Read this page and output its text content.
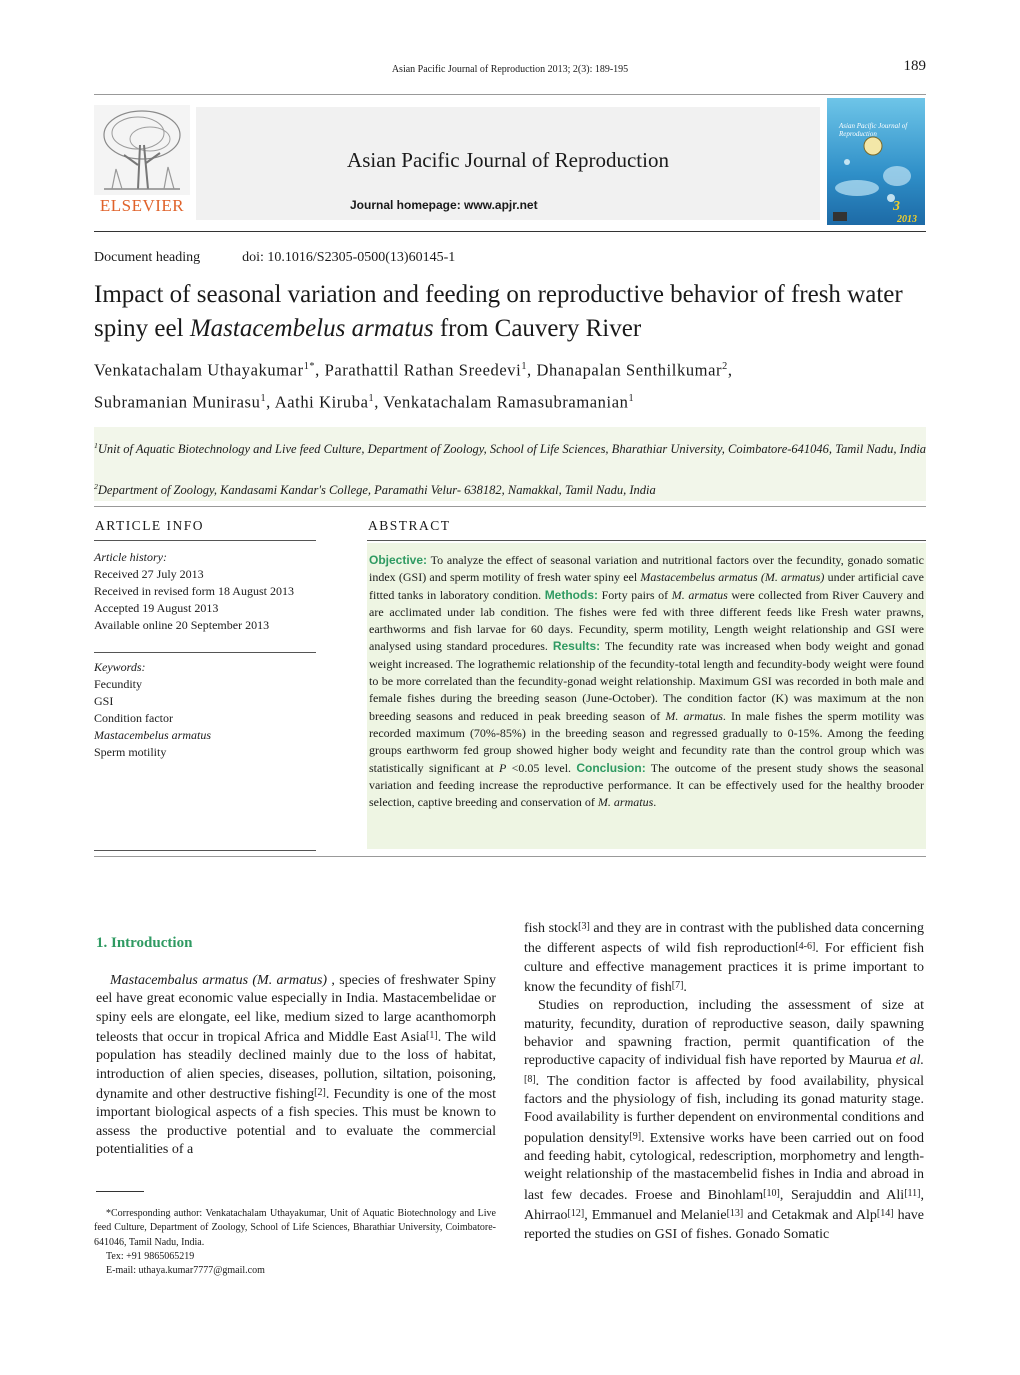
Asian Pacific Journal of Reproduction 2013; 2(3): 189-195	189
ELSEVIER
Asian Pacific Journal of Reproduction
Journal homepage: www.apjr.net	3
2013
Asian Pacific Journal of Reproduction
Document heading	doi: 10.1016/S2305-0500(13)60145-1
Impact of seasonal variation and feeding on reproductive behavior of fresh water spiny eel Mastacembelus armatus from Cauvery River
Venkatachalam Uthayakumar$^{1*}$, Parathattil Rathan Sreedevi$^1$, Dhanapalan Senthilkumar$^2$,
Subramanian Munirasu$^1$, Aathi Kiruba$^1$, Venkatachalam Ramasubramanian$^1$
$^1$Unit of Aquatic Biotechnology and Live feed Culture, Department of Zoology, School of Life Sciences, Bharathiar University, Coimbatore-641046, Tamil Nadu, India
$^2$Department of Zoology, Kandasami Kandar's College, Paramathi Velur- 638182, Namakkal, Tamil Nadu, India
ARTICLE INFO
Article history:
Received 27 July 2013
Received in revised form 18 August 2013
Accepted 19 August 2013
Available online 20 September 2013
Keywords:
Fecundity
GSI
Condition factor
Mastacembelus armatus
Sperm motility
ABSTRACT
Objective: To analyze the effect of seasonal variation and nutritional factors over the fecundity, gonado somatic index (GSI) and sperm motility of fresh water spiny eel Mastacembelus armatus (M. armatus) under artificial cave fitted tanks in laboratory condition. Methods: Forty pairs of M. armatus were collected from River Cauvery and are acclimated under lab condition. The fishes were fed with three different feeds like Fresh water prawns, earthworms and fish larvae for 60 days. Fecundity, sperm motility, Length weight relationship and GSI were analysed using standard procedures. Results: The fecundity rate was increased when body weight and gonad weight increased. The lograthemic relationship of the fecundity-total length and fecundity-body weight were found to be more correlated than the fecundity-gonad weight relationship. Maximum GSI was recorded in both male and female fishes during the breeding season (June-October). The condition factor (K) was maximum at the non breeding seasons and reduced in peak breeding season of M. armatus. In male fishes the sperm motility was recorded maximum (70%-85%) in the breeding season and regressed gradually to 0-15%. Among the feeding groups earthworm fed group showed higher body weight and fecundity rate than the control group which was statistically significant at P <0.05 level. Conclusion: The outcome of the present study shows the seasonal variation and feeding increase the reproductive performance. It can be effectively used for the healthy brooder selection, captive breeding and conservation of M. armatus.
1. Introduction
Mastacembalus armatus (M. armatus) , species of freshwater Spiny eel have great economic value especially in India. Mastacembelidae or spiny eels are elongate, eel like, medium sized to large acanthomorph teleosts that occur in tropical Africa and Middle East Asia[1]. The wild population has steadily declined mainly due to the loss of habitat, introduction of alien species, diseases, pollution, siltation, poisoning, dynamite and other destructive fishing[2]. Fecundity is one of the most important biological aspects of a fish species. This must be known to assess the productive potential and to evaluate the commercial potentialities of a
fish stock[3] and they are in contrast with the published data concerning the different aspects of wild fish reproduction[4-6]. For efficient fish culture and effective management practices it is prime important to know the fecundity of fish[7].
Studies on reproduction, including the assessment of size at maturity, fecundity, duration of reproductive season, daily spawning behavior and spawning fraction, permit quantification of the reproductive capacity of individual fish have reported by Maurua et al.[8]. The condition factor is affected by food availability, physical factors and the physiology of fish, including its gonad maturity stage. Food availability is further dependent on environmental conditions and population density[9]. Extensive works have been carried out on food and feeding habit, cytological, redescription, morphometry and length-weight relationship of the mastacembelid fishes in India and abroad in last few decades. Froese and Binohlam[10], Serajuddin and Ali[11], Ahirrao[12], Emmanuel and Melanie[13] and Cetakmak and Alp[14] have reported the studies on GSI of fishes. Gonado Somatic
*Corresponding author: Venkatachalam Uthayakumar, Unit of Aquatic Biotechnology and Live feed Culture, Department of Zoology, School of Life Sciences, Bharathiar University, Coimbatore-641046, Tamil Nadu, India.
Tex: +91 9865065219
E-mail: uthaya.kumar7777@gmail.com
